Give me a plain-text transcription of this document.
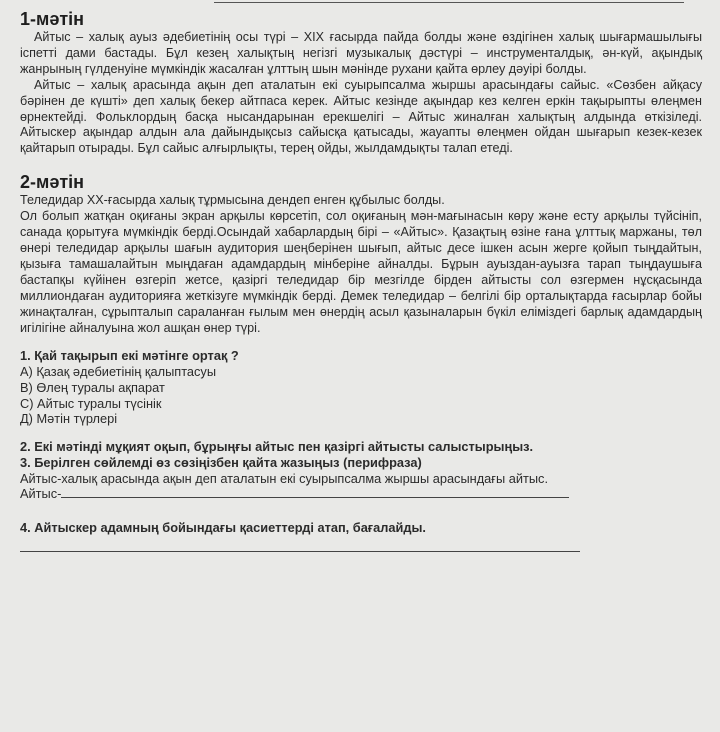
1-мәтін

Айтыс – халық ауыз әдебиетінің осы түрі – XIX ғасырда пайда болды және өздігінен халық шығармашылығы іспетті дами бастады. Бұл кезең халықтың негізгі музыкалық дәстүрі – инструменталдық, ән-күй, ақындық жанрының гүлденуіне мүмкіндік жасалған ұлттың шын мәнінде рухани қайта өрлеу дәуірі болды.

Айтыс – халық арасында ақын деп аталатын екі суырыпсалма жыршы арасындағы сайыс. «Сөзбен айқасу бәрінен де күшті» деп халық бекер айтпаса керек. Айтыс кезінде ақындар кез келген еркін тақырыпты өлеңмен өрнектейді. Фольклордың басқа нысандарынан ерекшелігі – Айтыс жиналған халықтың алдында өткізіледі. Айтыскер ақындар алдын ала дайындықсыз сайысқа қатысады, жауапты өлеңмен ойдан шығарып кезек-кезек қайтарып отырады. Бұл сайыс алғырлықты, терең ойды, жылдамдықты талап етеді.

2-мәтін

Теледидар XX-ғасырда халық тұрмысына дендеп енген құбылыс болды.

Ол болып жатқан оқиғаны экран арқылы көрсетіп, сол оқиғаның мән-мағынасын көру және есту арқылы түйсініп, санада қорытуға мүмкіндік берді.Осындай хабарлардың бірі – «Айтыс». Қазақтың өзіне ғана ұлттық маржаны, төл өнері теледидар арқылы шағын аудитория шеңберінен шығып, айтыс десе ішкен асын жерге қойып тыңдайтын, қызыға тамашалайтын мыңдаған адамдардың мінберіне айналды. Бұрын ауыздан-ауызға тарап тыңдаушыға бастапқы күйінен өзгеріп жетсе, қазіргі теледидар бір мезгілде бірден айтысты сол өзгермен нұсқасында миллиондаған аудиторияға жеткізуге мүмкіндік берді. Демек теледидар – белгілі бір орталықтарда ғасырлар бойы жинақталған, сұрыпталып сараланған ғылым мен өнердің асыл қазыналарын бүкіл еліміздегі барлық адамдардың игілігіне айналуына жол ашқан өнер түрі.

1. Қай тақырып екі мәтінге ортақ ?

А) Қазақ әдебиетінің қалыптасуы

В) Өлең туралы ақпарат

С) Айтыс туралы түсінік

Д) Мәтін түрлері

2. Екі мәтінді мұқият оқып, бұрыңғы айтыс пен қазіргі айтысты салыстырыңыз.

3. Берілген сөйлемді өз сөзіңізбен қайта жазыңыз (перифраза)

Айтыс-халық арасында ақын деп аталатын екі суырыпсалма жыршы арасындағы айтыс.

Айтыс-

4. Айтыскер адамның бойындағы қасиеттерді атап, бағалайды.
